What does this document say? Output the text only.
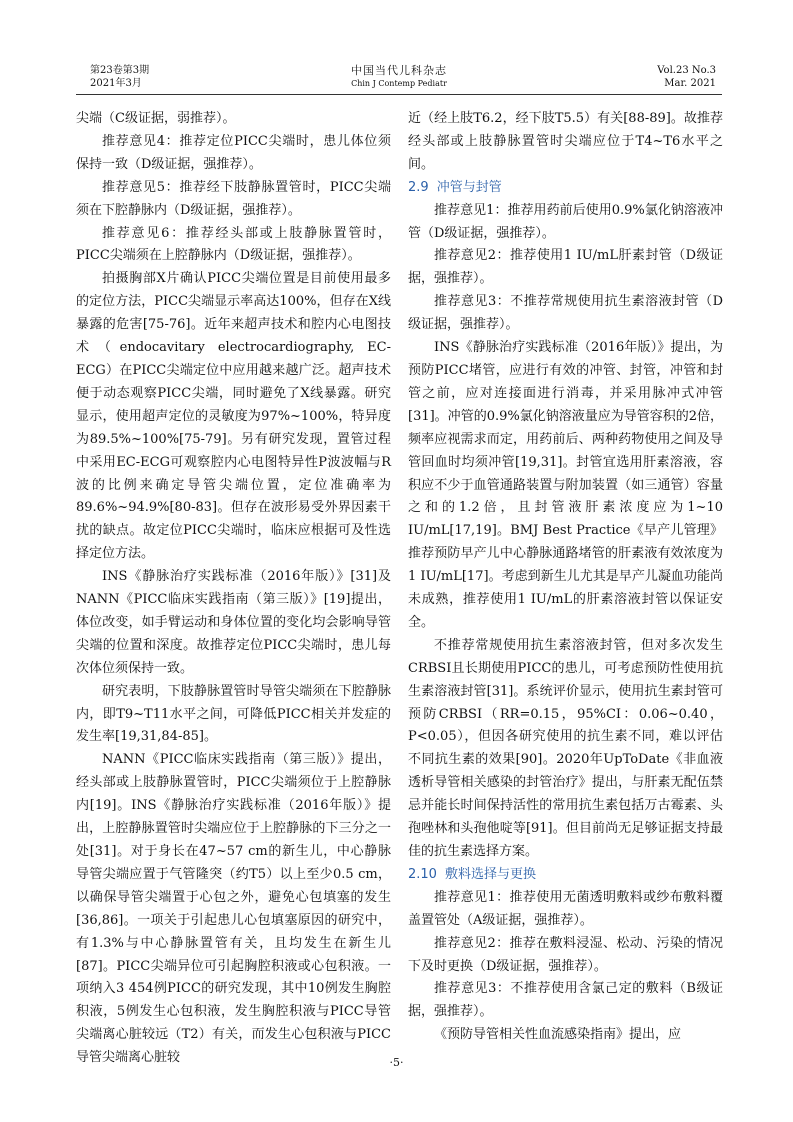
第23卷第3期
2021年3月
中国当代儿科杂志
Chin J Contemp Pediatr
Vol.23 No.3
Mar. 2021

尖端（C级证据，弱推荐）。

推荐意见4：推荐定位PICC尖端时，患儿体位须保持一致（D级证据，强推荐）。

推荐意见5：推荐经下肢静脉置管时，PICC尖端须在下腔静脉内（D级证据，强推荐）。

推荐意见6：推荐经头部或上肢静脉置管时，PICC尖端须在上腔静脉内（D级证据，强推荐）。

拍摄胸部X片确认PICC尖端位置是目前使用最多的定位方法，PICC尖端显示率高达100%，但存在X线暴露的危害[75-76]。近年来超声技术和腔内心电图技术（endocavitary electrocardiography, EC-ECG）在PICC尖端定位中应用越来越广泛。超声技术便于动态观察PICC尖端，同时避免了X线暴露。研究显示，使用超声定位的灵敏度为97%~100%，特异度为89.5%~100%[75-79]。另有研究发现，置管过程中采用EC-ECG可观察腔内心电图特异性P波波幅与R波的比例来确定导管尖端位置，定位准确率为89.6%~94.9%[80-83]。但存在波形易受外界因素干扰的缺点。故定位PICC尖端时，临床应根据可及性选择定位方法。

INS《静脉治疗实践标准（2016年版）》[31]及NANN《PICC临床实践指南（第三版）》[19]提出，体位改变，如手臂运动和身体位置的变化均会影响导管尖端的位置和深度。故推荐定位PICC尖端时，患儿每次体位须保持一致。

研究表明，下肢静脉置管时导管尖端须在下腔静脉内，即T9~T11水平之间，可降低PICC相关并发症的发生率[19,31,84-85]。

NANN《PICC临床实践指南（第三版）》提出，经头部或上肢静脉置管时，PICC尖端须位于上腔静脉内[19]。INS《静脉治疗实践标准（2016年版）》提出，上腔静脉置管时尖端应位于上腔静脉的下三分之一处[31]。对于身长在47~57 cm的新生儿，中心静脉导管尖端应置于气管隆突（约T5）以上至少0.5 cm，以确保导管尖端置于心包之外，避免心包填塞的发生[36,86]。一项关于引起患儿心包填塞原因的研究中，有1.3%与中心静脉置管有关，且均发生在新生儿[87]。PICC尖端异位可引起胸腔积液或心包积液。一项纳入3 454例PICC的研究发现，其中10例发生胸腔积液，5例发生心包积液，发生胸腔积液与PICC导管尖端离心脏较远（T2）有关，而发生心包积液与PICC导管尖端离心脏较

近（经上肢T6.2，经下肢T5.5）有关[88-89]。故推荐经头部或上肢静脉置管时尖端应位于T4~T6水平之间。

2.9 冲管与封管

推荐意见1：推荐用药前后使用0.9%氯化钠溶液冲管（D级证据，强推荐）。

推荐意见2：推荐使用1 IU/mL肝素封管（D级证据，强推荐）。

推荐意见3：不推荐常规使用抗生素溶液封管（D级证据，强推荐）。

INS《静脉治疗实践标准（2016年版）》提出，为预防PICC堵管，应进行有效的冲管、封管，冲管和封管之前，应对连接面进行消毒，并采用脉冲式冲管[31]。冲管的0.9%氯化钠溶液量应为导管容积的2倍，频率应视需求而定，用药前后、两种药物使用之间及导管回血时均须冲管[19,31]。封管宜选用肝素溶液，容积应不少于血管通路装置与附加装置（如三通管）容量之和的1.2倍，且封管液肝素浓度应为1~10 IU/mL[17,19]。BMJ Best Practice《早产儿管理》推荐预防早产儿中心静脉通路堵管的肝素液有效浓度为1 IU/mL[17]。考虑到新生儿尤其是早产儿凝血功能尚未成熟，推荐使用1 IU/mL的肝素溶液封管以保证安全。

不推荐常规使用抗生素溶液封管，但对多次发生CRBSI且长期使用PICC的患儿，可考虑预防性使用抗生素溶液封管[31]。系统评价显示，使用抗生素封管可预防CRBSI（RR=0.15，95%CI：0.06~0.40，P<0.05），但因各研究使用的抗生素不同，难以评估不同抗生素的效果[90]。2020年UpToDate《非血液透析导管相关感染的封管治疗》提出，与肝素无配伍禁忌并能长时间保持活性的常用抗生素包括万古霉素、头孢唑林和头孢他啶等[91]。但目前尚无足够证据支持最佳的抗生素选择方案。

2.10 敷料选择与更换

推荐意见1：推荐使用无菌透明敷料或纱布敷料覆盖置管处（A级证据，强推荐）。

推荐意见2：推荐在敷料浸湿、松动、污染的情况下及时更换（D级证据，强推荐）。

推荐意见3：不推荐使用含氯己定的敷料（B级证据，强推荐）。

《预防导管相关性血流感染指南》提出，应

·5·
